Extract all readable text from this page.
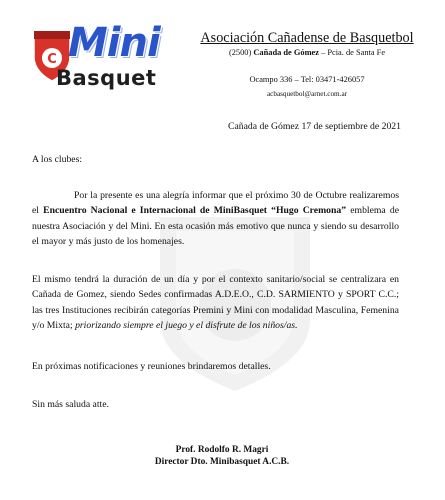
C Mini
Basquet
Asociación Cañadense de Basquetbol
(2500) Cañada de Gómez – Pcia. de Santa Fe
Ocampo 336 – Tel: 03471-426057
acbasquetbol@arnet.com.ar
Cañada de Gómez 17 de septiembre de 2021
A los clubes:
Por la presente es una alegría informar que el próximo 30 de Octubre realizaremos el Encuentro Nacional e Internacional de MiniBasquet “Hugo Cremona” emblema de nuestra Asociación y del Mini. En esta ocasión más emotivo que nunca y siendo su desarrollo el mayor y más justo de los homenajes.
El mismo tendrá la duración de un día y por el contexto sanitario/social se centralizara en Cañada de Gomez, siendo Sedes confirmadas A.D.E.O., C.D. SARMIENTO y SPORT C.C.; las tres Instituciones recibirán categorías Premini y Mini con modalidad Masculina, Femenina y/o Mixta; priorizando siempre el juego y el disfrute de los niños/as.
En próximas notificaciones y reuniones brindaremos detalles.
Sin más saluda atte.
Prof. Rodolfo R. Magri
Director Dto. Minibasquet A.C.B.
